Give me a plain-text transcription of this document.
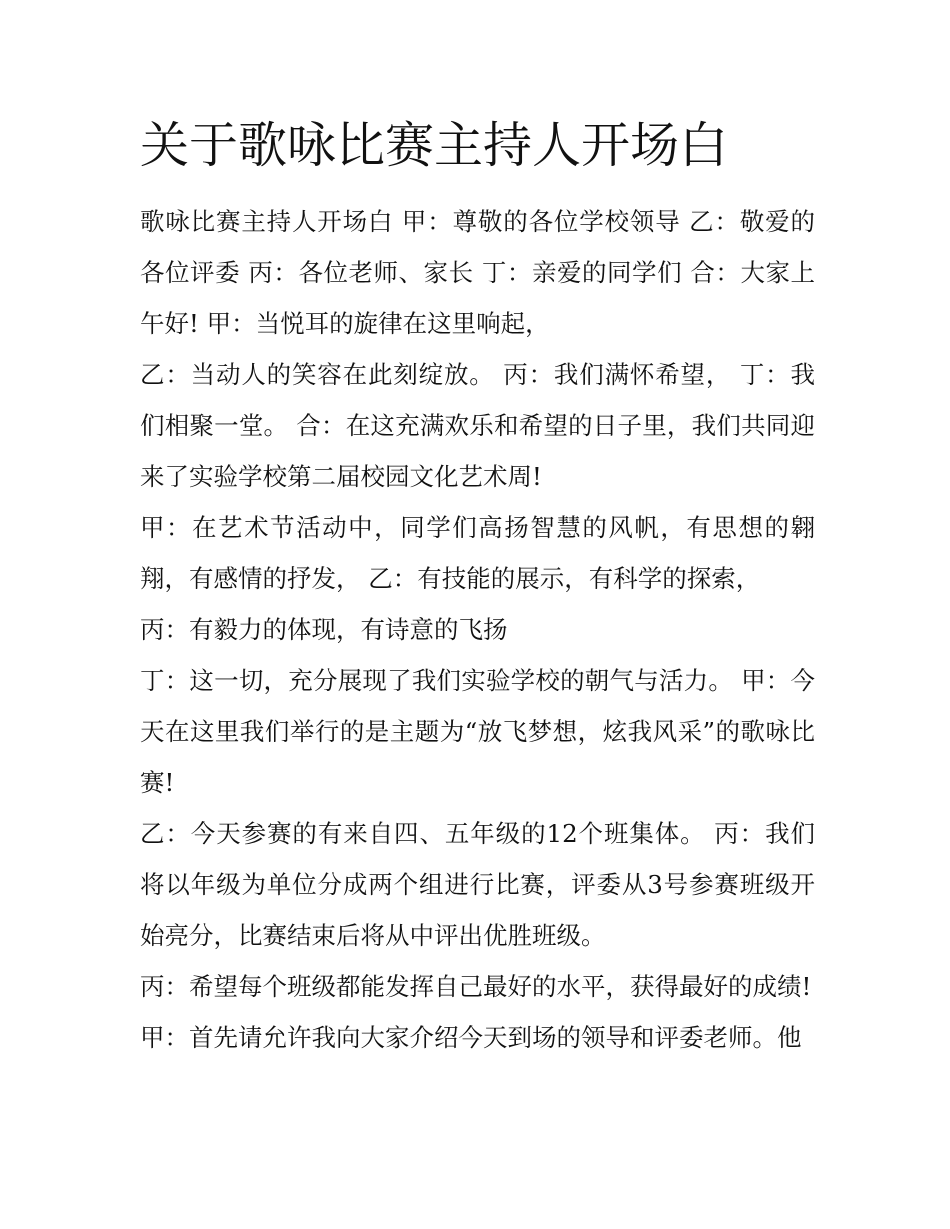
关于歌咏比赛主持人开场白

歌咏比赛主持人开场白 甲：尊敬的各位学校领导 乙：敬爱的各位评委 丙：各位老师、家长 丁：亲爱的同学们 合：大家上午好! 甲：当悦耳的旋律在这里响起，

乙：当动人的笑容在此刻绽放。 丙：我们满怀希望， 丁：我们相聚一堂。 合：在这充满欢乐和希望的日子里，我们共同迎来了实验学校第二届校园文化艺术周!

甲：在艺术节活动中，同学们高扬智慧的风帆，有思想的翱翔，有感情的抒发， 乙：有技能的展示，有科学的探索，

丙：有毅力的体现，有诗意的飞扬

丁：这一切，充分展现了我们实验学校的朝气与活力。 甲：今天在这里我们举行的是主题为“放飞梦想，炫我风采”的歌咏比赛!

乙：今天参赛的有来自四、五年级的12个班集体。 丙：我们将以年级为单位分成两个组进行比赛，评委从3号参赛班级开始亮分，比赛结束后将从中评出优胜班级。

丙：希望每个班级都能发挥自己最好的水平，获得最好的成绩!

甲：首先请允许我向大家介绍今天到场的领导和评委老师。他
